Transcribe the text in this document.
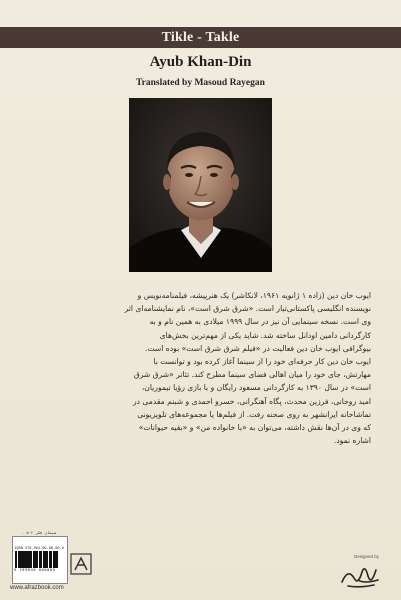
Tikle - Takle
Ayub Khan-Din
Translated by Masoud Rayegan

ایوب خان دین (زاده ۱ ژانویه ۱۹۶۱، لانکاشر) یک هنرپیشه، فیلمنامه‌نویس و

نویسنده انگلیسی پاکستانی‌تبار است. «شرق شرق است»، نام نمایشنامه‌ای اثر

وی است. نسخه سینمایی آن نیز در سال ۱۹۹۹ میلادی به همین نام و به

کارگردانی دامین اودانل ساخته شد. شاید یکی از مهم‌ترین بخش‌های

بیوگرافی ایوب خان دین فعالیت در «فیلم شرق شرق است» بوده است.

ایوب خان دین کار حرفه‌ای خود را از سینما آغاز کرده بود و توانست با

مهارتش، جای خود را میان اهالی فضای سینما مطرح کند. تئاتر «شرق شرق

است» در سال ۱۳۹۰ به کارگردانی مسعود رایگان و با بازی رؤیا تیموریان،

امید روحانی، فرزین محدث، پگاه آهنگرانی، خسرو احمدی و شبنم مقدمی در

تماشاخانه ایرانشهر به روی صحنه رفت. از فیلم‌ها یا مجموعه‌های تلویزیونی

که وی در آن‌ها نقش داشته، می‌توان به «با خانواده من» و «بقیه حیوانات»

اشاره نمود.

سیمای فکر ۵۰۲ -
ISBN 978-964-00-00-00-0
9 789640 000000
www.afrazbook.com
Designed by
